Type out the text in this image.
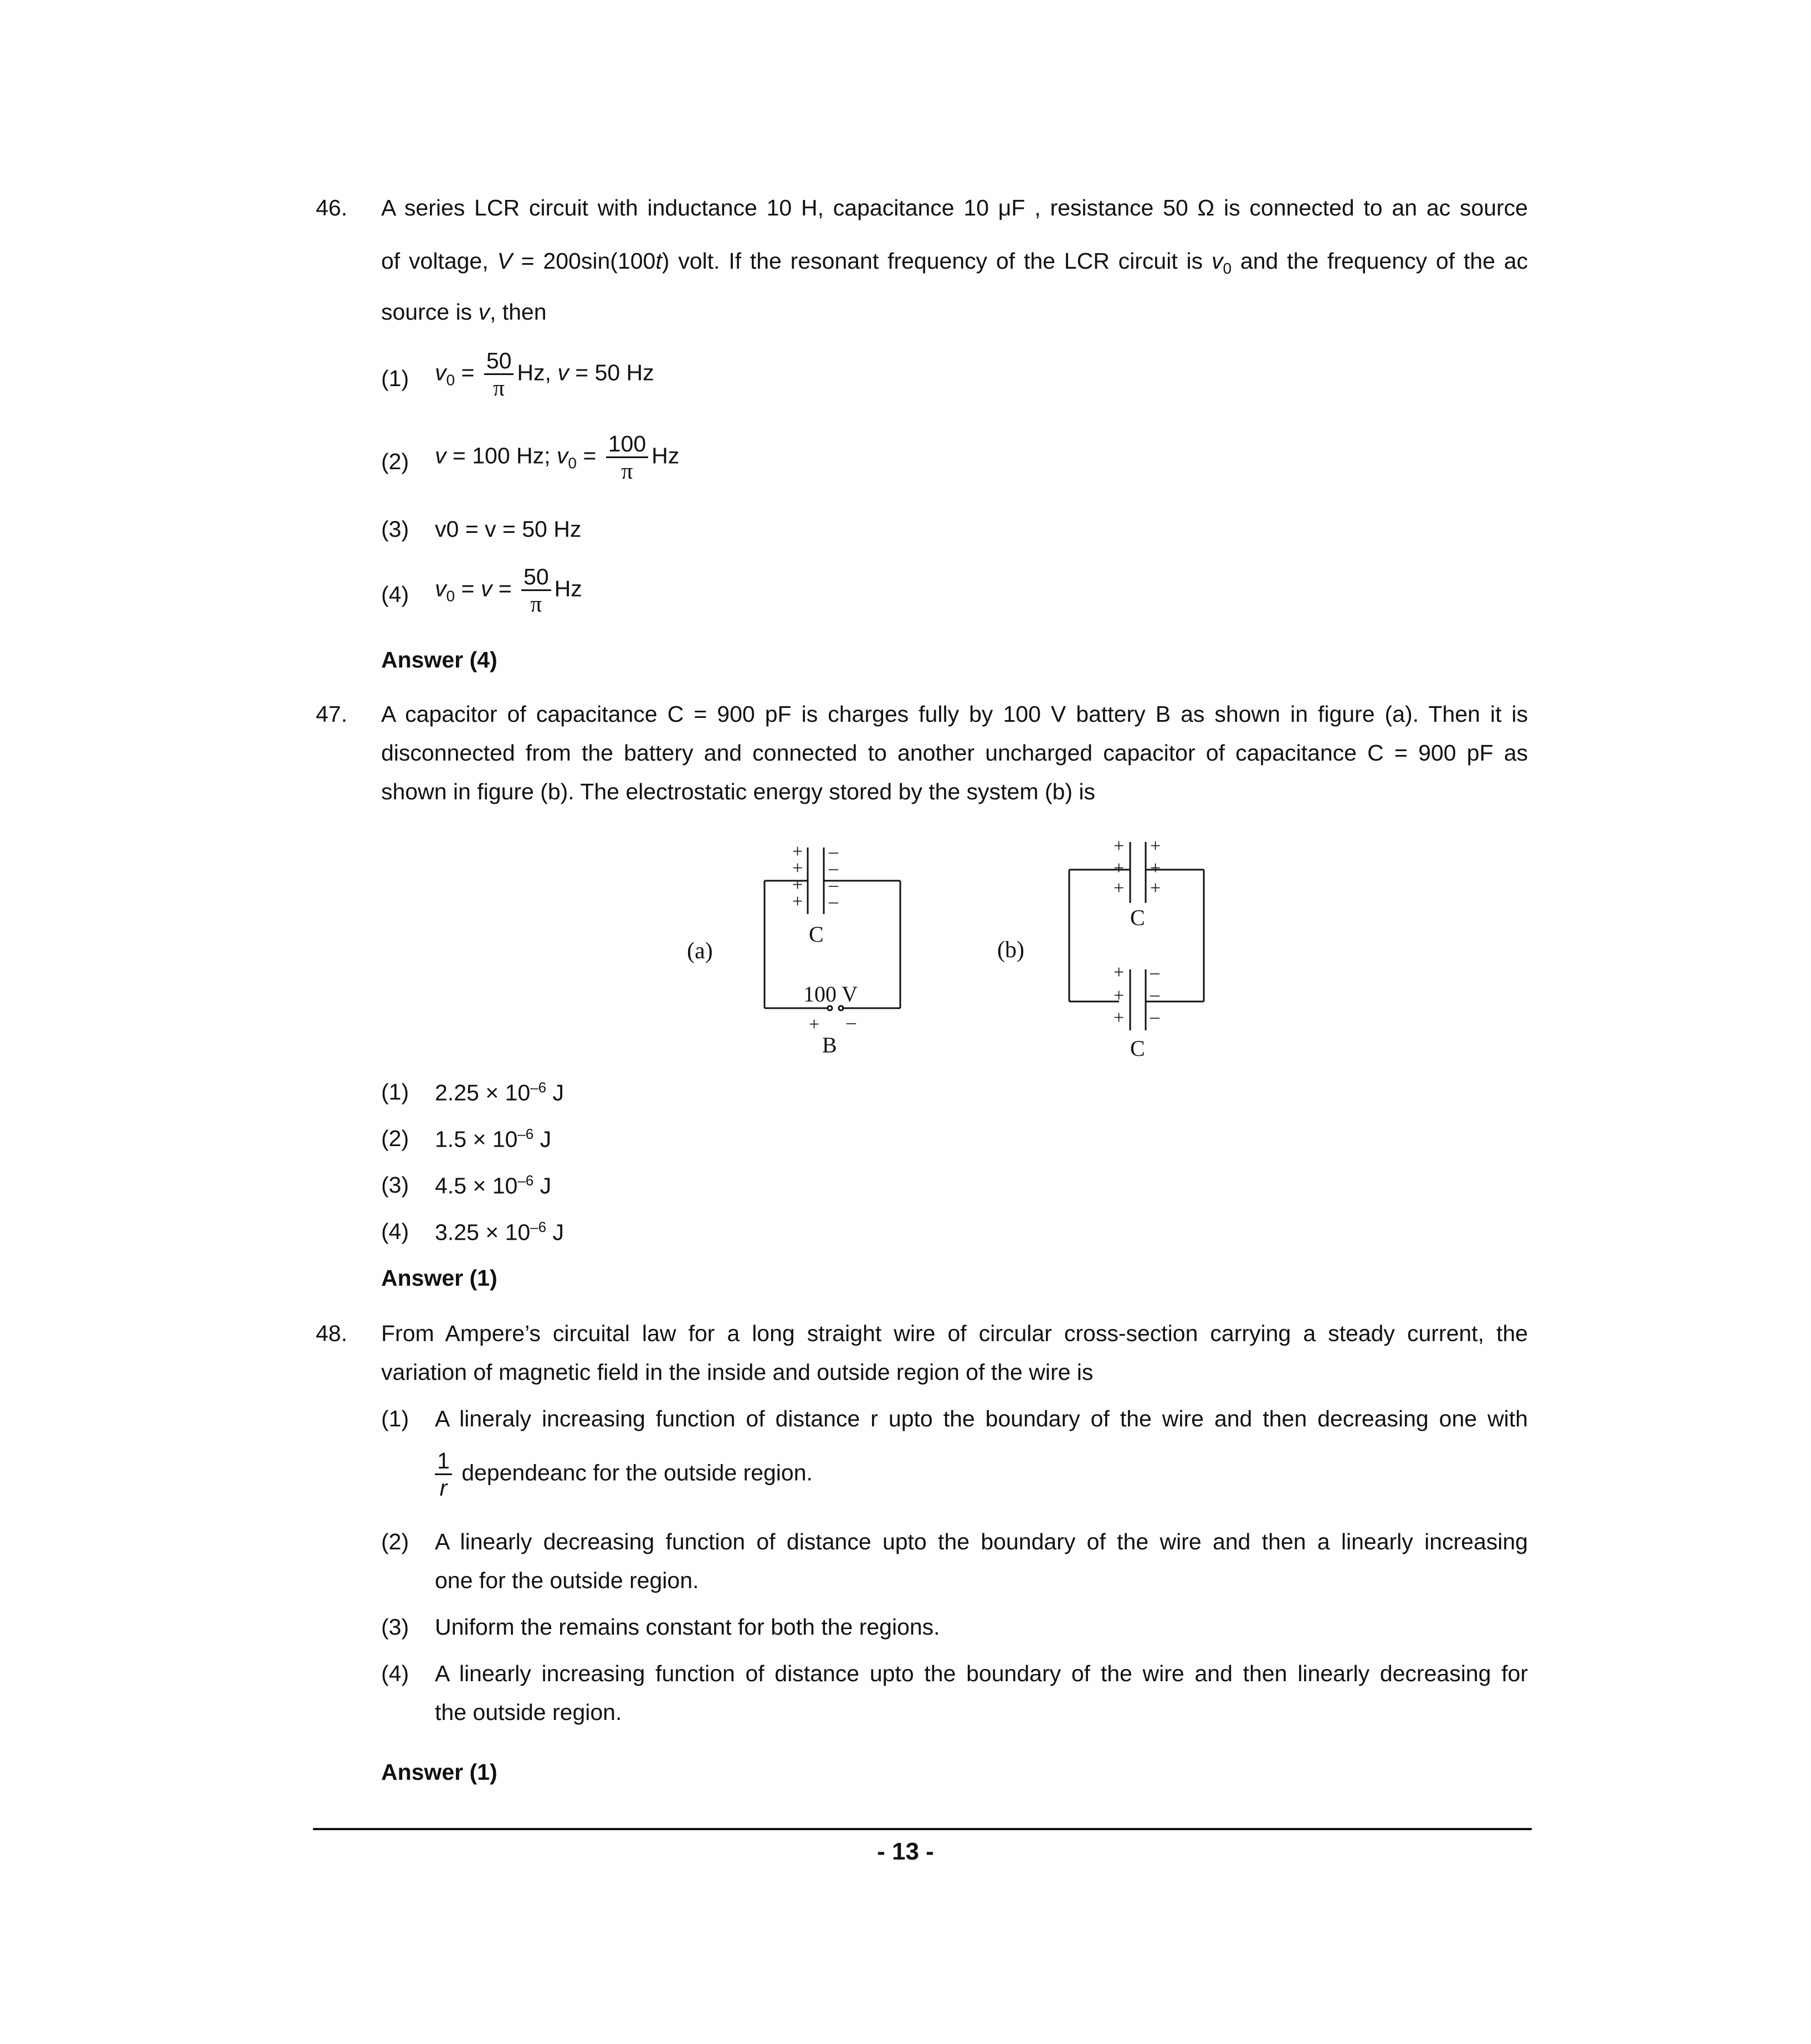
46. A series LCR circuit with inductance 10 H, capacitance 10 μF , resistance 50 Ω is connected to an ac source
of voltage, V = 200sin(100t) volt. If the resonant frequency of the LCR circuit is $v_0$ and the frequency of the ac
source is v, then
(1) $v_0 = \frac{50}{\pi} Hz$, v = 50 Hz
(2) v = 100 Hz; $v_0 = \frac{100}{\pi}$ Hz
(3) v0 = v = 50 Hz
(4) $v_0 = v = \frac{50}{\pi}$ Hz
Answer (4)
47. A capacitor of capacitance C = 900 pF is charges fully by 100 V battery B as shown in figure (a). Then it is
disconnected from the battery and connected to another uncharged capacitor of capacitance C = 900 pF as
shown in figure (b). The electrostatic energy stored by the system (b) is
+
+
+
+
–
–
–
–
(a)
C
100 V
+ –
B
+
+
+
+
+
+
C
(b)
+
+
+
–
–
–
C
(1) $2.25 \times 10^{-6}$ J
(2) $1.5 \times 10^{-6}$ J
(3) $4.5 \times 10^{-6}$ J
(4) $3.25 \times 10^{-6}$ J
Answer (1)
48. From Ampere’s circuital law for a long straight wire of circular cross-section carrying a steady current, the
variation of magnetic field in the inside and outside region of the wire is
(1) A lineraly increasing function of distance r upto the boundary of the wire and then decreasing one with
$\frac{1}{r}$ dependeanc for the outside region.
(2) A linearly decreasing function of distance upto the boundary of the wire and then a linearly increasing
one for the outside region.
(3) Uniform the remains constant for both the regions.
(4) A linearly increasing function of distance upto the boundary of the wire and then linearly decreasing for
the outside region.
Answer (1)
- 13 -
